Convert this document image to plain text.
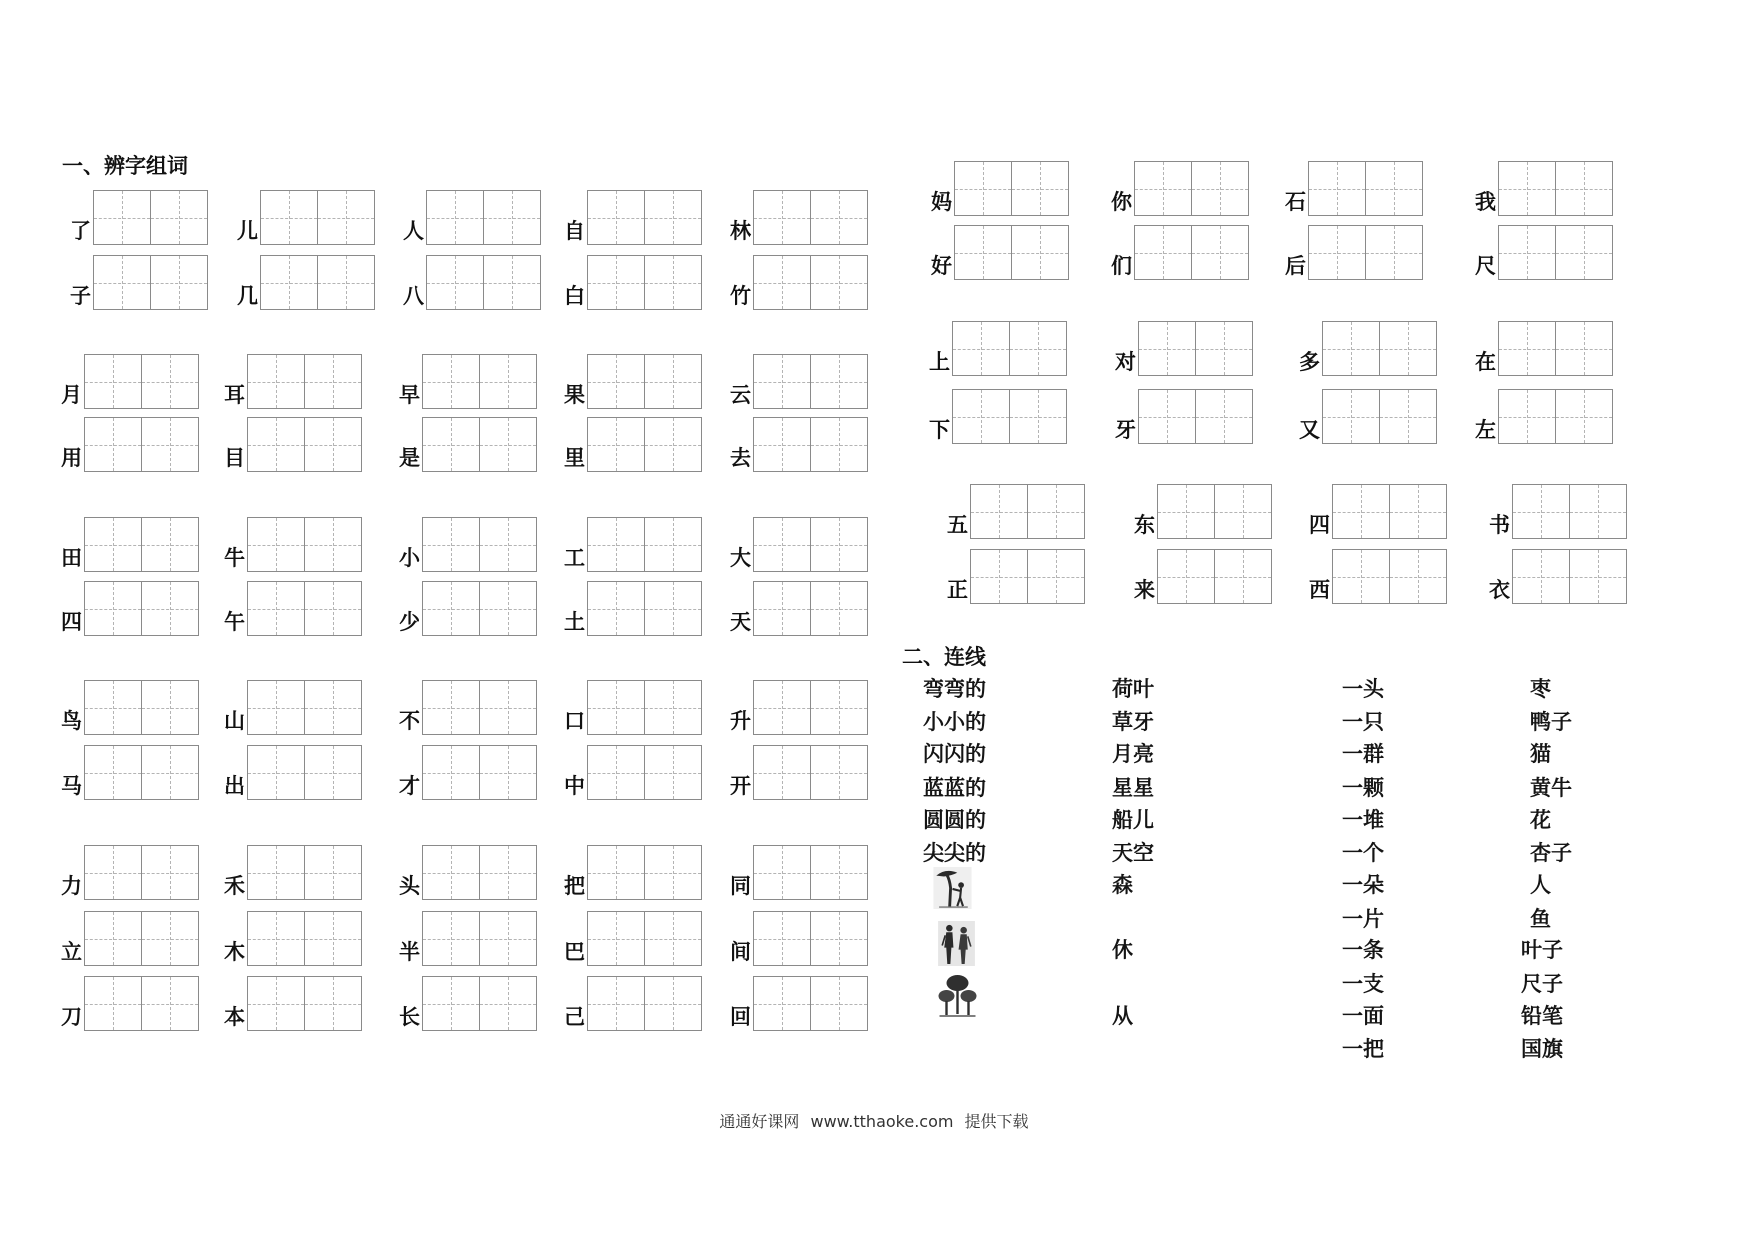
一、辨字组词
二、连线
通通好课网 www.tthaoke.com 提供下载
了	儿	人	自	林
子	几	八	白	竹
月	耳	早	果	云
用	目	是	里	去
田	牛	小	工	大
四	午	少	土	天
鸟	山	不	口	升
马	出	才	中	开
力	禾	头	把	同
立	木	半	巴	间
刀	本	长	己	回
妈	你	石	我
好	们	后	尺
上	对	多	在
下	牙	又	左
五	东	四	书
正	来	西	衣
弯弯的
小小的
闪闪的
蓝蓝的
圆圆的
尖尖的
荷叶
草牙
月亮
星星
船儿
天空
森
休
从
一头
一只
一群
一颗
一堆
一个
一朵
一片
一条
一支
一面
一把
枣
鸭子
猫
黄牛
花
杏子
人
鱼
叶子
尺子
铅笔
国旗
